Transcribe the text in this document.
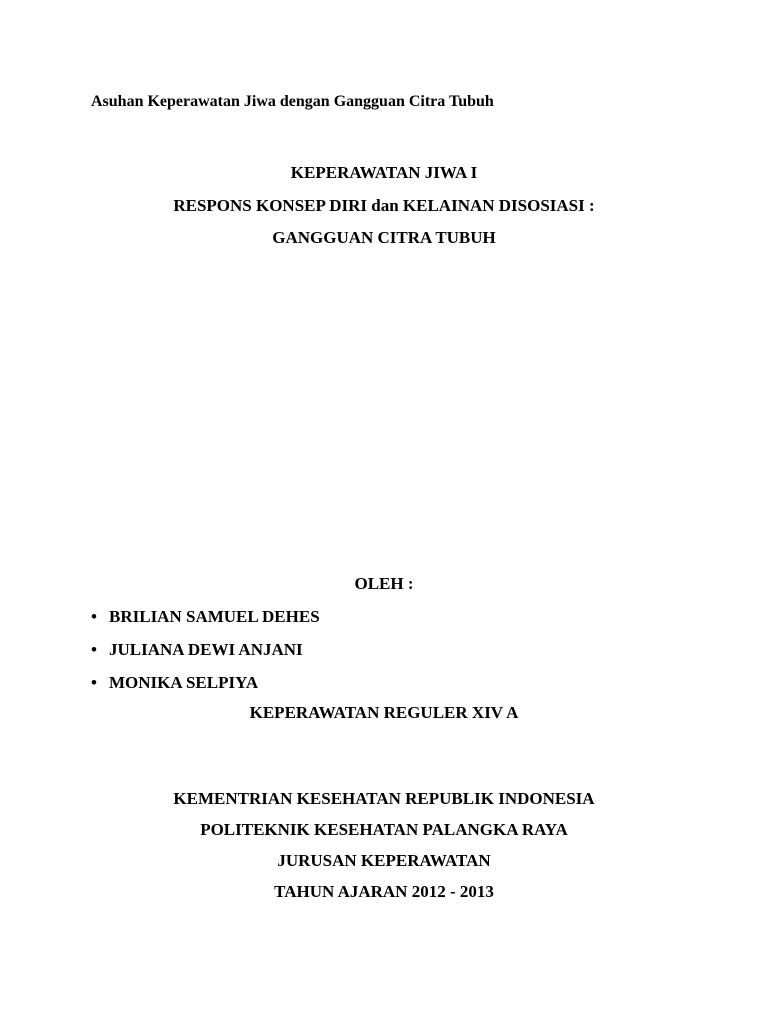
Asuhan Keperawatan Jiwa dengan Gangguan Citra Tubuh
KEPERAWATAN JIWA I
RESPONS KONSEP DIRI dan KELAINAN DISOSIASI :
GANGGUAN CITRA TUBUH
OLEH :
• BRILIAN SAMUEL DEHES
• JULIANA DEWI ANJANI
• MONIKA SELPIYA
KEPERAWATAN REGULER XIV A
KEMENTRIAN KESEHATAN REPUBLIK INDONESIA
POLITEKNIK KESEHATAN PALANGKA RAYA
JURUSAN KEPERAWATAN
TAHUN AJARAN 2012 - 2013
